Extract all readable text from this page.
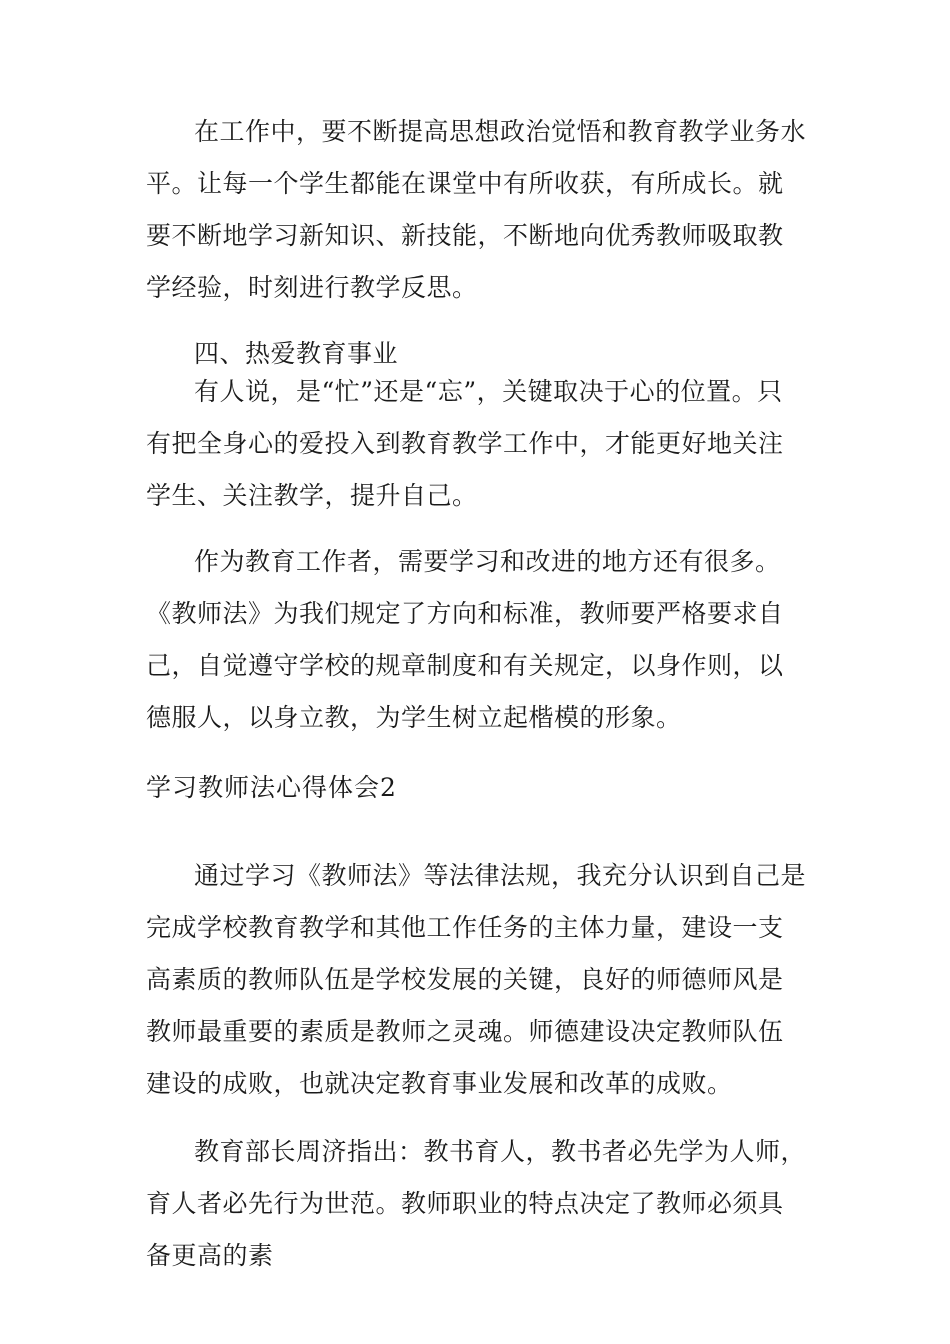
在工作中，要不断提高思想政治觉悟和教育教学业务水平。让每一个学生都能在课堂中有所收获，有所成长。就要不断地学习新知识、新技能，不断地向优秀教师吸取教学经验，时刻进行教学反思。

四、热爱教育事业

有人说，是“忙”还是“忘”，关键取决于心的位置。只有把全身心的爱投入到教育教学工作中，才能更好地关注学生、关注教学，提升自己。

作为教育工作者，需要学习和改进的地方还有很多。《教师法》为我们规定了方向和标准，教师要严格要求自己，自觉遵守学校的规章制度和有关规定，以身作则，以德服人，以身立教，为学生树立起楷模的形象。

学习教师法心得体会2

通过学习《教师法》等法律法规，我充分认识到自己是完成学校教育教学和其他工作任务的主体力量，建设一支高素质的教师队伍是学校发展的关键，良好的师德师风是教师最重要的素质是教师之灵魂。师德建设决定教师队伍建设的成败，也就决定教育事业发展和改革的成败。

教育部长周济指出：教书育人，教书者必先学为人师，育人者必先行为世范。教师职业的特点决定了教师必须具备更高的素
